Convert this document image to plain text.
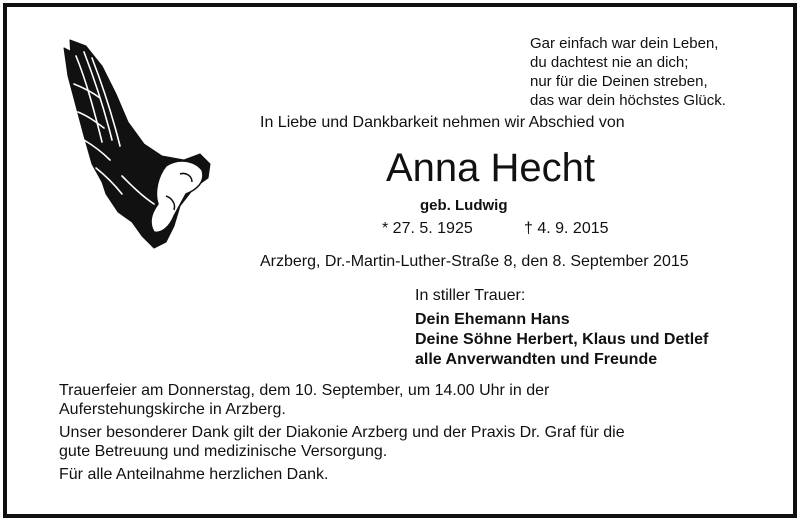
Gar einfach war dein Leben,
du dachtest nie an dich;
nur für die Deinen streben,
das war dein höchstes Glück.
In Liebe und Dankbarkeit nehmen wir Abschied von
Anna Hecht
geb. Ludwig
* 27. 5. 1925	† 4. 9. 2015
Arzberg, Dr.-Martin-Luther-Straße 8, den 8. September 2015
In stiller Trauer:
Dein Ehemann Hans
Deine Söhne Herbert, Klaus und Detlef
alle Anverwandten und Freunde

Trauerfeier am Donnerstag, dem 10. September, um 14.00 Uhr in der
Auferstehungskirche in Arzberg.

Unser besonderer Dank gilt der Diakonie Arzberg und der Praxis Dr. Graf für die
gute Betreuung und medizinische Versorgung.

Für alle Anteilnahme herzlichen Dank.
